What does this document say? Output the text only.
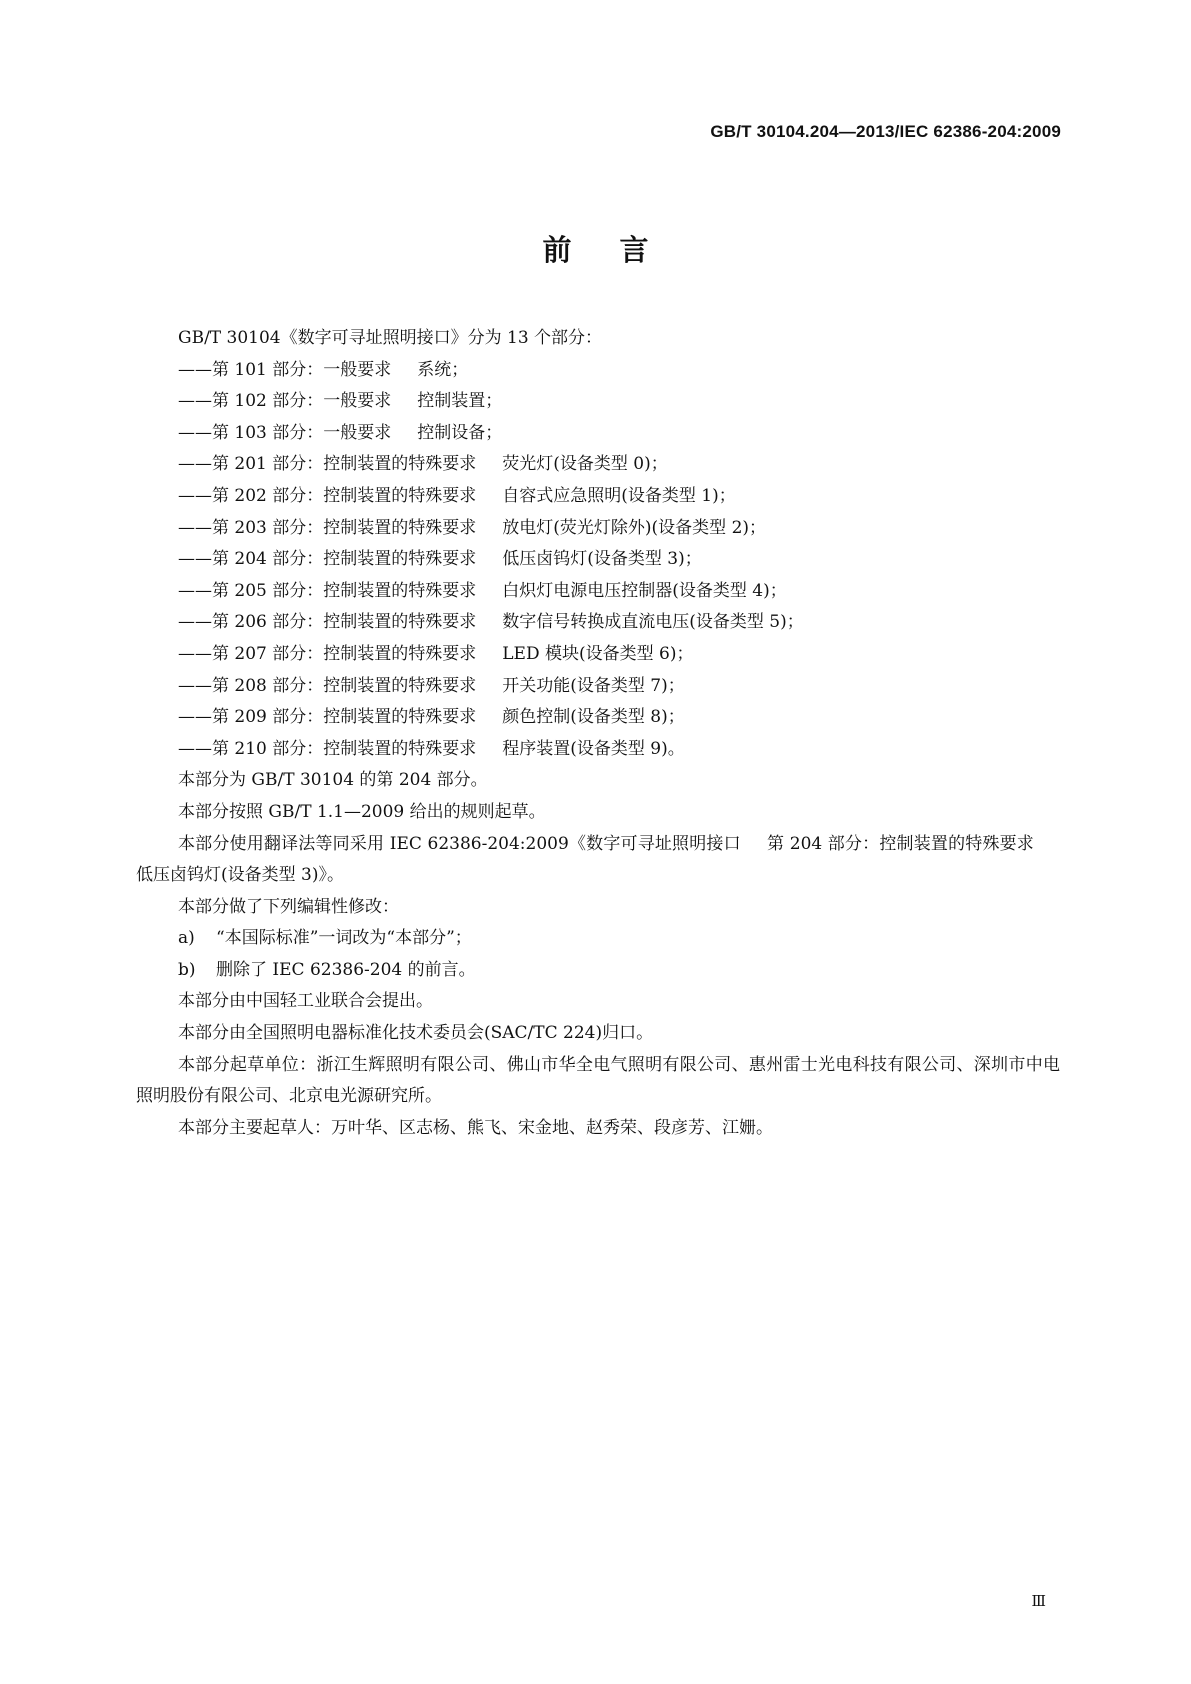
GB/T 30104.204—2013/IEC 62386-204:2009
前言

GB/T 30104《数字可寻址照明接口》分为 13 个部分：

——第 101 部分：一般要求 系统；

——第 102 部分：一般要求 控制装置；

——第 103 部分：一般要求 控制设备；

——第 201 部分：控制装置的特殊要求 荧光灯(设备类型 0)；

——第 202 部分：控制装置的特殊要求 自容式应急照明(设备类型 1)；

——第 203 部分：控制装置的特殊要求 放电灯(荧光灯除外)(设备类型 2)；

——第 204 部分：控制装置的特殊要求 低压卤钨灯(设备类型 3)；

——第 205 部分：控制装置的特殊要求 白炽灯电源电压控制器(设备类型 4)；

——第 206 部分：控制装置的特殊要求 数字信号转换成直流电压(设备类型 5)；

——第 207 部分：控制装置的特殊要求 LED 模块(设备类型 6)；

——第 208 部分：控制装置的特殊要求 开关功能(设备类型 7)；

——第 209 部分：控制装置的特殊要求 颜色控制(设备类型 8)；

——第 210 部分：控制装置的特殊要求 程序装置(设备类型 9)。

本部分为 GB/T 30104 的第 204 部分。

本部分按照 GB/T 1.1—2009 给出的规则起草。

本部分使用翻译法等同采用 IEC 62386-204:2009《数字可寻址照明接口 第 204 部分：控制装置的特殊要求低压卤钨灯(设备类型 3)》。

本部分做了下列编辑性修改：

a) “本国际标准”一词改为“本部分”；

b) 删除了 IEC 62386-204 的前言。

本部分由中国轻工业联合会提出。

本部分由全国照明电器标准化技术委员会(SAC/TC 224)归口。

本部分起草单位：浙江生辉照明有限公司、佛山市华全电气照明有限公司、惠州雷士光电科技有限公司、深圳市中电照明股份有限公司、北京电光源研究所。

本部分主要起草人：万叶华、区志杨、熊飞、宋金地、赵秀荣、段彦芳、江姗。

Ⅲ
